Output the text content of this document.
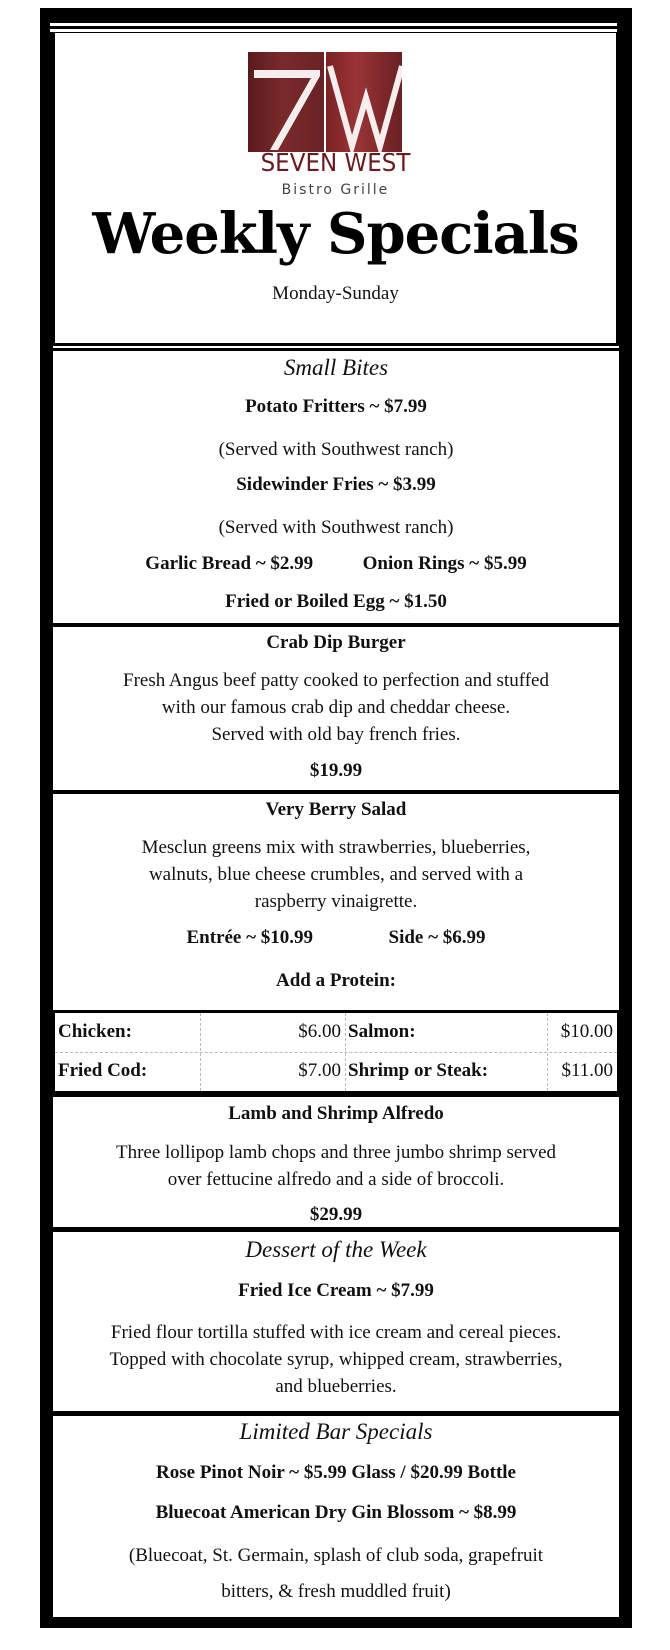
SEVEN WEST
Bistro Grille
Weekly Specials
Monday-Sunday
Small Bites
Potato Fritters ~ $7.99
(Served with Southwest ranch)
Sidewinder Fries ~ $3.99
(Served with Southwest ranch)
Garlic Bread ~ $2.99	Onion Rings ~ $5.99
Fried or Boiled Egg ~ $1.50
Crab Dip Burger
Fresh Angus beef patty cooked to perfection and stuffed
with our famous crab dip and cheddar cheese.
Served with old bay french fries.
$19.99
Very Berry Salad
Mesclun greens mix with strawberries, blueberries,
walnuts, blue cheese crumbles, and served with a
raspberry vinaigrette.
Entrée ~ $10.99	Side ~ $6.99
Add a Protein:
Chicken:	$6.00 Salmon:	$10.00
Fried Cod:	$7.00 Shrimp or Steak:	$11.00
Lamb and Shrimp Alfredo
Three lollipop lamb chops and three jumbo shrimp served
over fettucine alfredo and a side of broccoli.
$29.99
Dessert of the Week
Fried Ice Cream ~ $7.99
Fried flour tortilla stuffed with ice cream and cereal pieces.
Topped with chocolate syrup, whipped cream, strawberries,
and blueberries.
Limited Bar Specials
Rose Pinot Noir ~ $5.99 Glass / $20.99 Bottle
Bluecoat American Dry Gin Blossom ~ $8.99
(Bluecoat, St. Germain, splash of club soda, grapefruit
bitters, & fresh muddled fruit)
